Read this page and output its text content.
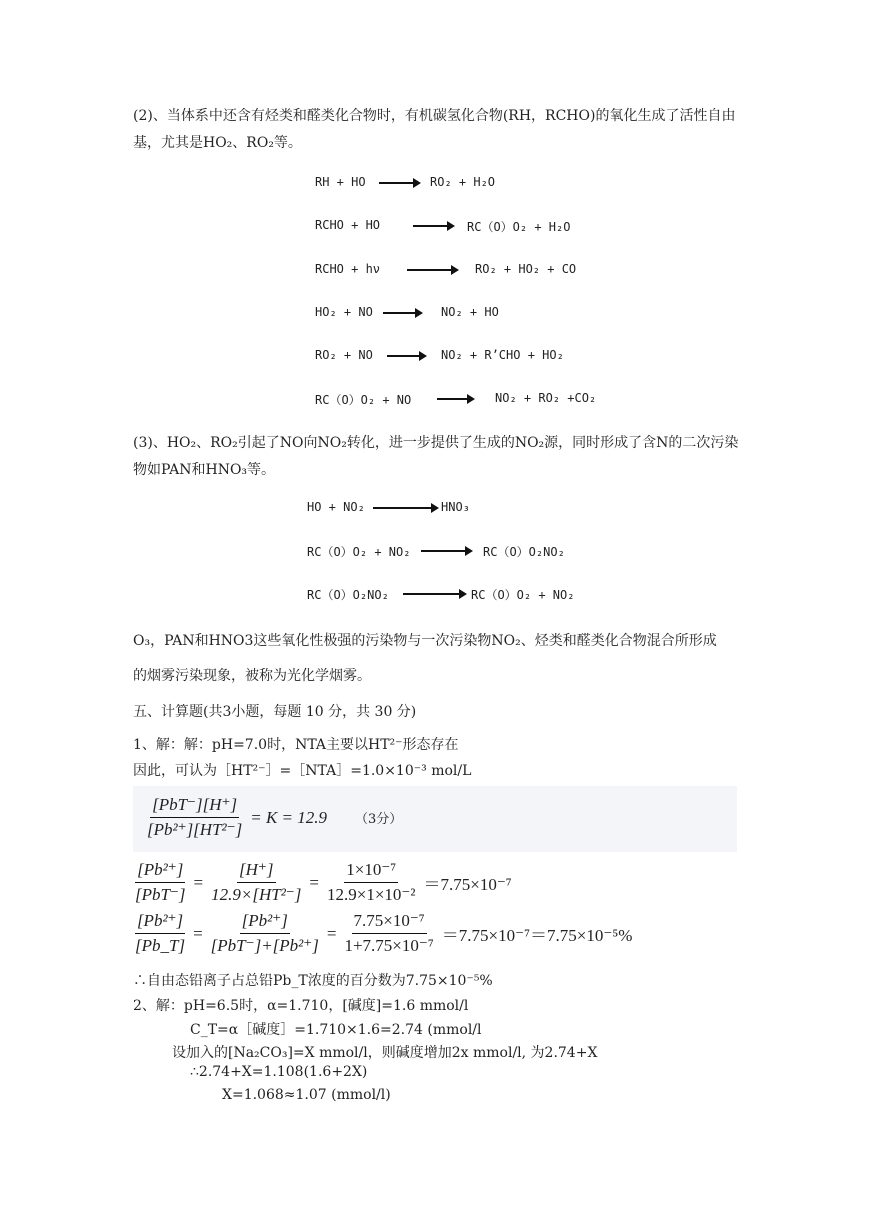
(2)、当体系中还含有烃类和醛类化合物时，有机碳氢化合物(RH，RCHO)的氧化生成了活性自由基，尤其是HO₂、RO₂等。
RH + HO	RO₂ + H₂O
RCHO + HO	RC（O）O₂ + H₂O
RCHO + hν	RO₂ + HO₂ + CO
HO₂ + NO	NO₂ + HO
RO₂ + NO	NO₂ + R’CHO + HO₂
RC（O）O₂ + NO	NO₂ + RO₂ +CO₂
(3)、HO₂、RO₂引起了NO向NO₂转化，进一步提供了生成的NO₂源，同时形成了含N的二次污染物如PAN和HNO₃等。
HO + NO₂	HNO₃
RC（O）O₂ + NO₂	RC（O）O₂NO₂
RC（O）O₂NO₂	RC（O）O₂ + NO₂
O₃，PAN和HNO3这些氧化性极强的污染物与一次污染物NO₂、烃类和醛类化合物混合所形成
的烟雾污染现象，被称为光化学烟雾。
五、计算题(共3小题，每题 10 分，共 30 分)
1、解：解：pH=7.0时，NTA主要以HT²⁻形态存在
因此，可认为［HT²⁻］=［NTA］=1.0×10⁻³ mol/L
$\frac{\text{[PbT⁻][H⁺]}}{\text{[Pb²⁺][HT²⁻]}} = K = 12.9$ （3分）
$\frac{\text{[Pb²⁺]}}{\text{[PbT⁻]}} = \frac{[H^+]}{\text{12.9×[HT²⁻]}} = \frac{\text{1×10⁻⁷}}{\text{12.9×1×10⁻²}} =7.75\times 10^{-7}$
$\frac{\text{[Pb²⁺]}}{[Pb\_T]} = \frac{\text{[Pb²⁺]}}{\text{[PbT⁻]+[Pb²⁺]}} = \frac{\text{7.75×10⁻⁷}}{\text{1+7.75×10⁻⁷}} =7.75\times 10^{-7}=7.75\times 10^{-5}\%$
∴自由态铅离子占总铅Pb_T浓度的百分数为7.75×10⁻⁵%
2、解：pH=6.5时，α=1.710，[碱度]=1.6 mmol/l
C_T=α［碱度］=1.710×1.6=2.74 (mmol/l
设加入的[Na₂CO₃]=X mmol/l，则碱度增加2x mmol/l, 为2.74+X
∴2.74+X=1.108(1.6+2X)
X=1.068≈1.07 (mmol/l)
